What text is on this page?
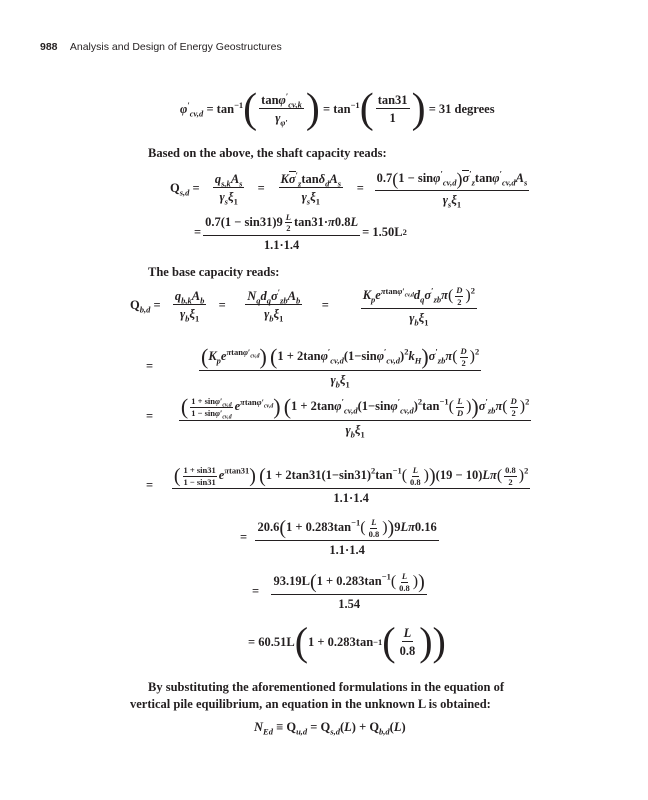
988 Analysis and Design of Energy Geostructures
$\varphi'_{cv,d} = \tan^{-1}$ ( $\frac{\tan\varphi'_{cv,k}}{\gamma_{\varphi'}}$ ) = $\tan^{-1}$ ( $\frac{\tan 31}{1}$ )
= 31 degrees

Based on the above, the shaft capacity reads:

$Q_{s,d} = \frac{q_{s,k}A_s}{\gamma_s\xi_1} = \frac{K\sigma'_z\tan\delta_dA_s}{\gamma_s\xi_1} = \frac{0.7(1 - \sin\varphi'_{cv,d})\sigma'_z\tan\varphi'_{cv,d}A_s}{\gamma_s\xi_1}$
= $\frac{0.7(1 - \sin 31)9 \frac{L}{2} \tan 31\cdot\pi 0.8L}{1.1\cdot 1.4} = 1.50L$ 2

The base capacity reads:

$Q_{b,d} = \frac{q_{b,k}A_b}{\gamma_b\xi_1} = \frac{N_qd_q\sigma'_{zb}A_b}{\gamma_b\xi_1} = \frac{K_pe^{\pi tan\varphi'_{cv,d}}d_q\sigma'_{zb}\pi( \frac{D}{2} )^2}{\gamma_b\xi_1}$
= $\frac{(K_pe^{\pi tan\varphi'_{cv,d}}) (1 + 2\tan\varphi'_{cv,d}(1-\sin\varphi'_{cv,d})^2k_H)\sigma'_{zb}\pi( \frac{D}{2} )^2}{\gamma_b\xi_1}$
= ( $\frac{1 + \sin\varphi'_{cv,d}}{1 - \sin\varphi'_{cv,d}} e^{\pi tan\varphi'_{cv,d}}$) $(1 + 2\tan\varphi'_{cv,d}(1-\sin\varphi'_{cv,d})^2\tan^{-1}( \frac{L}{D} ))\sigma'_{zb}\pi( \frac{D}{2} )^2$
$\gamma_b\xi_1$
= ( $\frac{1 + \sin 31}{1 - \sin 31} e^{\pi tan31}$) $(1 + 2\tan 31(1-\sin 31)^2\tan^{-1}( \frac{L}{0.8} ))(19 - 10)L\pi( \frac{0.8}{2} )^2$
1.1·1.4
= $\frac{20.6(1 + 0.283\tan^{-1}( \frac{L}{0.8} ))9L\pi 0.16}{1.1\cdot 1.4}$
= $\frac{93.19L(1 + 0.283\tan^{-1}( \frac{L}{0.8} ))}{1.54}$
= 60.51L ( 1 + 0.283tan −1 ( $\frac{L}{0.8}$ ) )

By substituting the aforementioned formulations in the equation of

vertical pile equilibrium, an equation in the unknown L is obtained:

$N_{Ed} \equiv Q_{u,d} = Q_{s,d}(L) + Q_{b,d}(L)$
